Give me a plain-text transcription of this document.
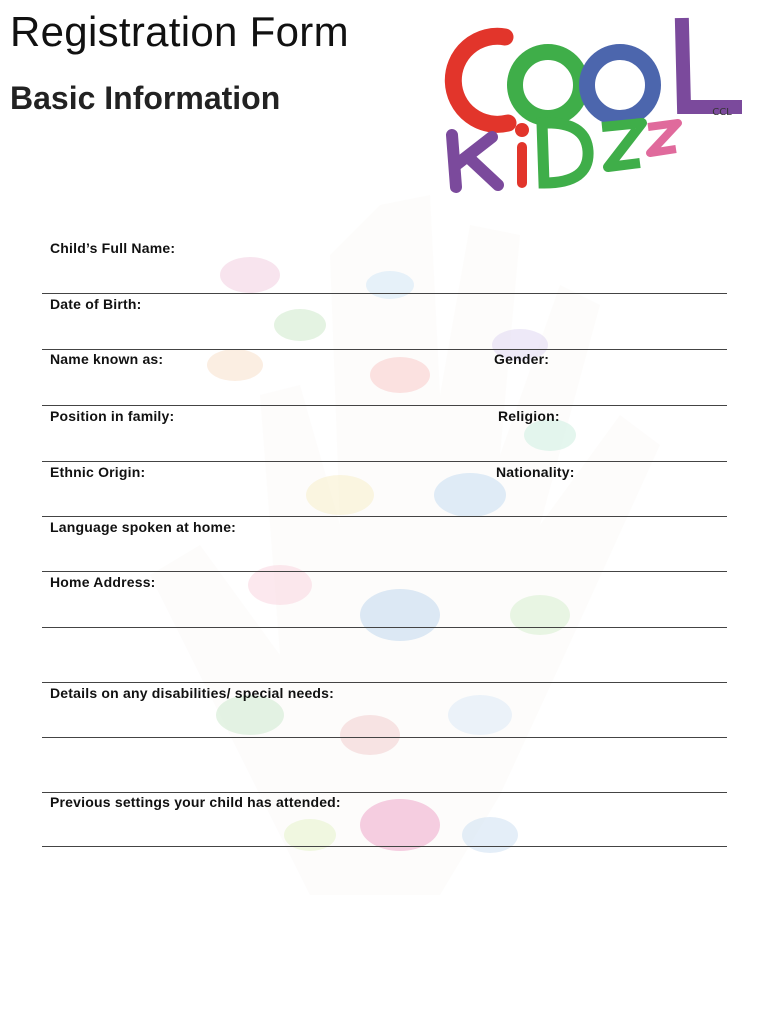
Registration Form
Basic Information	CCL
Child’s Full Name:
Date of Birth:
Name known as:	Gender:
Position in family:	Religion:
Ethnic Origin:	Nationality:
Language spoken at home:
Home Address:
Details on any disabilities/ special needs:
Previous settings your child has attended:
